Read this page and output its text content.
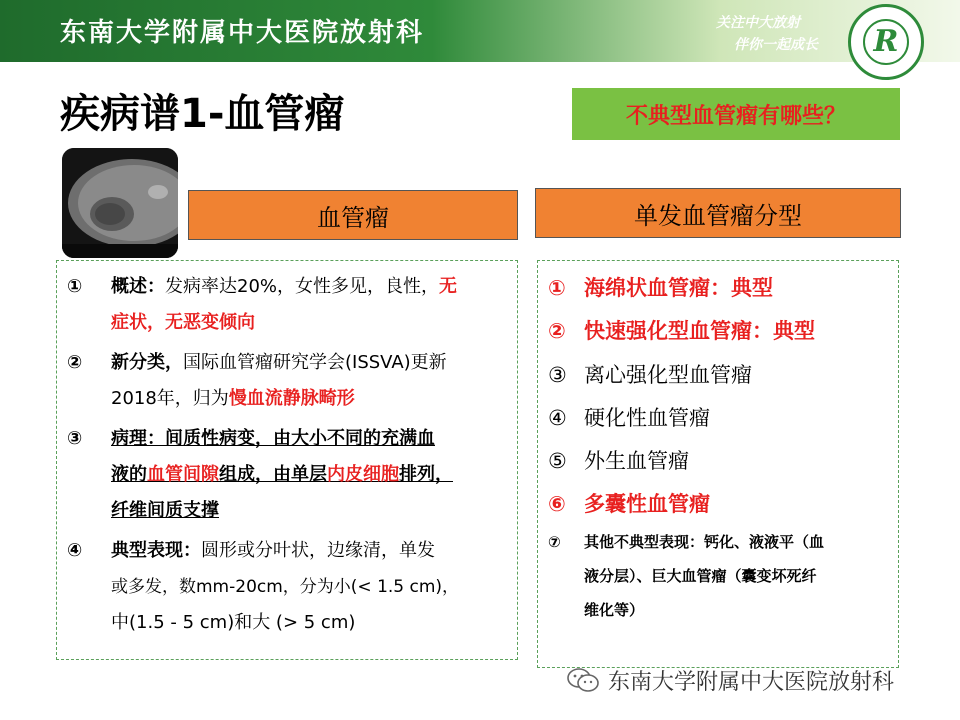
东南大学附属中大医院放射科	关注中大放射
伴你一起成长	R
疾病谱1-血管瘤	不典型血管瘤有哪些？
血管瘤	单发血管瘤分型
① 概述：发病率达20%，女性多见，良性，无
症状，无恶变倾向
② 新分类，国际血管瘤研究学会(ISSVA)更新
2018年，归为慢血流静脉畸形
③ 病理：间质性病变，由大小不同的充满血
液的血管间隙组成，由单层内皮细胞排列，
纤维间质支撑
④ 典型表现：圆形或分叶状，边缘清，单发
或多发，数mm-20cm，分为小(< 1.5 cm)，
中(1.5 - 5 cm)和大 (> 5 cm)
① 海绵状血管瘤：典型
② 快速强化型血管瘤：典型
③ 离心强化型血管瘤
④ 硬化性血管瘤
⑤ 外生血管瘤
⑥ 多囊性血管瘤
⑦ 其他不典型表现：钙化、液液平（血
液分层）、巨大血管瘤（囊变坏死纤
维化等）
东南大学附属中大医院放射科
